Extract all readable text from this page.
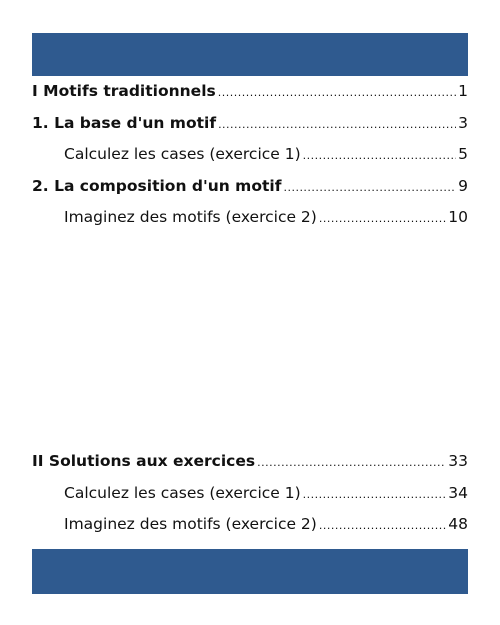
I Motifs traditionnels .....	1
1. La base d'un motif .....	3
Calculez les cases (exercice 1) .....	5
2. La composition d'un motif .....	9
Imaginez des motifs (exercice 2) .....	10
II Solutions aux exercices .....	33
Calculez les cases (exercice 1) .....	34
Imaginez des motifs (exercice 2) .....	48
